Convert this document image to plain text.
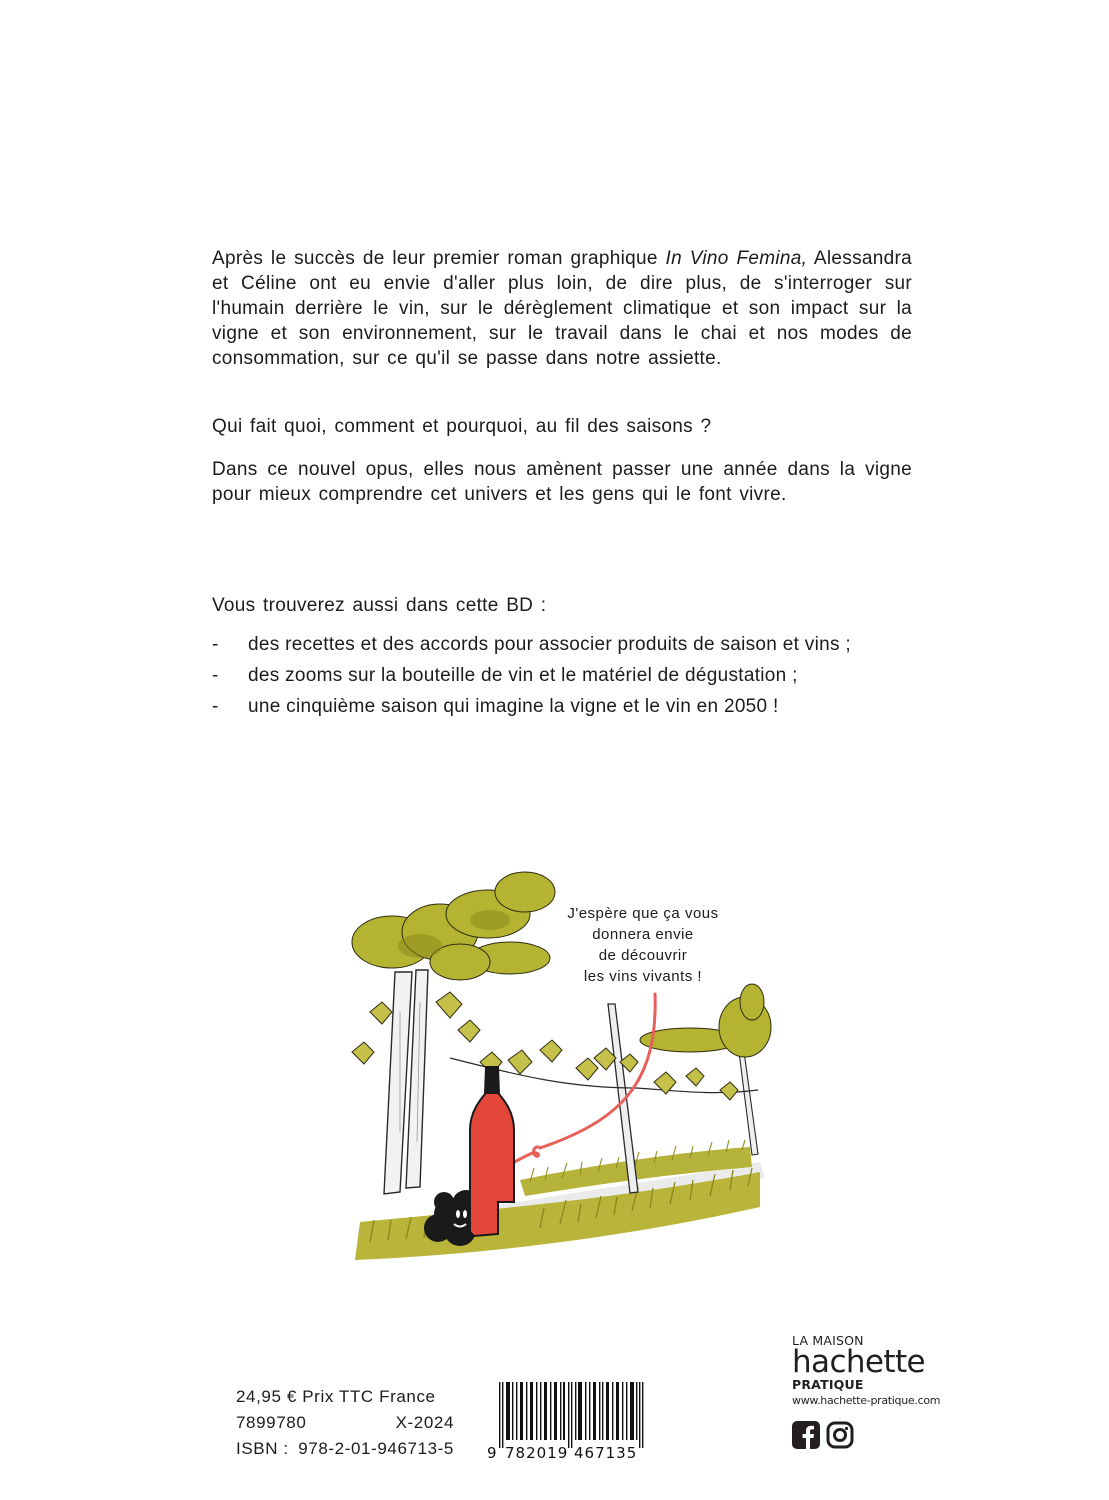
Après le succès de leur premier roman graphique In Vino Femina, Alessandra et Céline ont eu envie d'aller plus loin, de dire plus, de s'interroger sur l'humain derrière le vin, sur le dérèglement climatique et son impact sur la vigne et son environnement, sur le travail dans le chai et nos modes de consommation, sur ce qu'il se passe dans notre assiette.

Qui fait quoi, comment et pourquoi, au fil des saisons ?

Dans ce nouvel opus, elles nous amènent passer une année dans la vigne pour mieux comprendre cet univers et les gens qui le font vivre.

Vous trouverez aussi dans cette BD :

- des recettes et des accords pour associer produits de saison et vins ;
- des zooms sur la bouteille de vin et le matériel de dégustation ;
- une cinquième saison qui imagine la vigne et le vin en 2050 !
J'espère que ça vous
donnera envie
de découvrir
les vins vivants !
24,95 € Prix TTC France
7899780	X-2024
ISBN : 978-2-01-946713-5 9 782019 467135
LA MAISON
hachette
PRATIQUE
www.hachette-pratique.com
